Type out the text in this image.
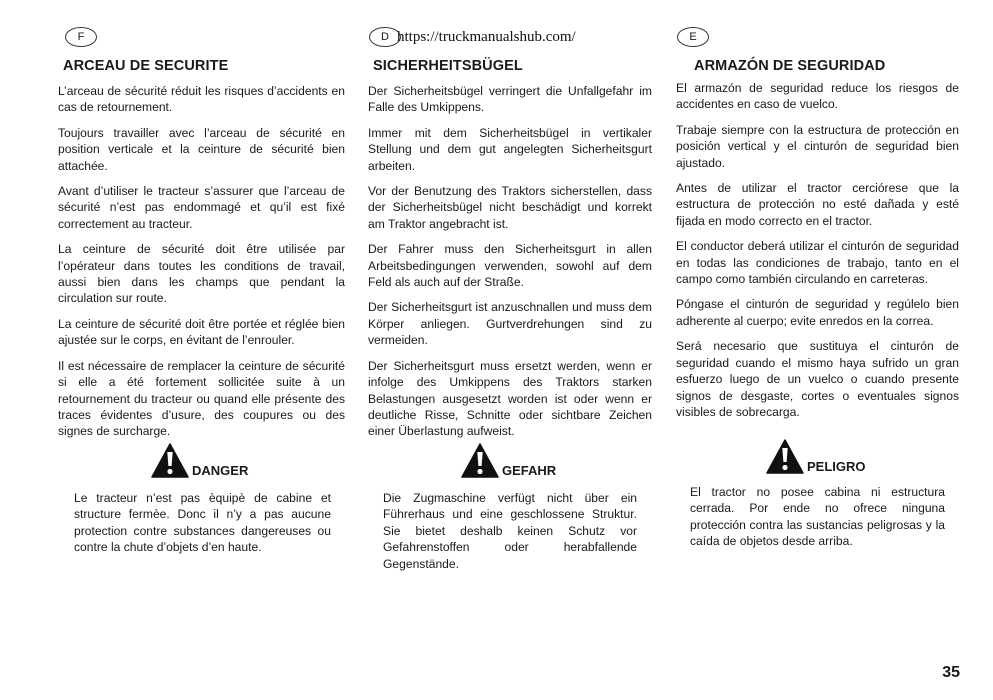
https://truckmanualshub.com/
F
ARCEAU DE SECURITE

L’arceau de sécurité réduit les risques d’accidents en cas de retournement.

Toujours travailler avec l’arceau de sécurité en position verticale et la ceinture de sécurité bien attachée.

Avant d’utiliser le tracteur s’assurer que l’arceau de sécurité n’est pas endommagé et qu’il est fixé correctement au tracteur.

La ceinture de sécurité doit être utilisée par l’opérateur dans toutes les conditions de travail, aussi bien dans les champs que pendant la circulation sur route.

La ceinture de sécurité doit être portée et réglée bien ajustée sur le corps, en évitant de l’enrouler.

Il est nécessaire de remplacer la ceinture de sécurité si elle a été fortement sollicitée suite à un retournement du tracteur ou quand elle présente des traces évidentes d’usure, des coupures ou des signes de surcharge.

DANGER

Le tracteur n’est pas èquipè de cabine et structure fermèe. Donc il n’y a pas aucune protection contre substances dangereuses ou contre la chute d’objets d’en haute.

D
SICHERHEITSBÜGEL

Der Sicherheitsbügel verringert die Unfallgefahr im Falle des Umkippens.

Immer mit dem Sicherheitsbügel in vertikaler Stellung und dem gut angelegten Sicherheitsgurt arbeiten.

Vor der Benutzung des Traktors sicherstellen, dass der Sicherheitsbügel nicht beschädigt und korrekt am Traktor angebracht ist.

Der Fahrer muss den Sicherheitsgurt in allen Arbeitsbedingungen verwenden, sowohl auf dem Feld als auch auf der Straße.

Der Sicherheitsgurt ist anzuschnallen und muss dem Körper anliegen. Gurtverdrehungen sind zu vermeiden.

Der Sicherheitsgurt muss ersetzt werden, wenn er infolge des Umkippens des Traktors starken Belastungen ausgesetzt worden ist oder wenn er deutliche Risse, Schnitte oder sichtbare Zeichen einer Überlastung aufweist.

GEFAHR

Die Zugmaschine verfügt nicht über ein Führerhaus und eine geschlossene Struktur. Sie bietet deshalb keinen Schutz vor Gefahrenstoffen oder herabfallende Gegenstände.

E
ARMAZÓN DE SEGURIDAD

El armazón de seguridad reduce los riesgos de accidentes en caso de vuelco.

Trabaje siempre con la estructura de protección en posición vertical y el cinturón de seguridad bien ajustado.

Antes de utilizar el tractor cerciórese que la estructura de protección no esté dañada y esté fijada en modo correcto en el tractor.

El conductor deberá utilizar el cinturón de seguridad en todas las condiciones de trabajo, tanto en el campo como también circulando en carreteras.

Póngase el cinturón de seguridad y regúlelo bien adherente al cuerpo; evite enredos en la correa.

Será necesario que sustituya el cinturón de seguridad cuando el mismo haya sufrido un gran esfuerzo luego de un vuelco o cuando presente signos de desgaste, cortes o eventuales signos visibles de sobrecarga.

PELIGRO

El tractor no posee cabina ni estructura cerrada. Por ende no ofrece ninguna protección contra las sustancias peligrosas y la caída de objetos desde arriba.

35
